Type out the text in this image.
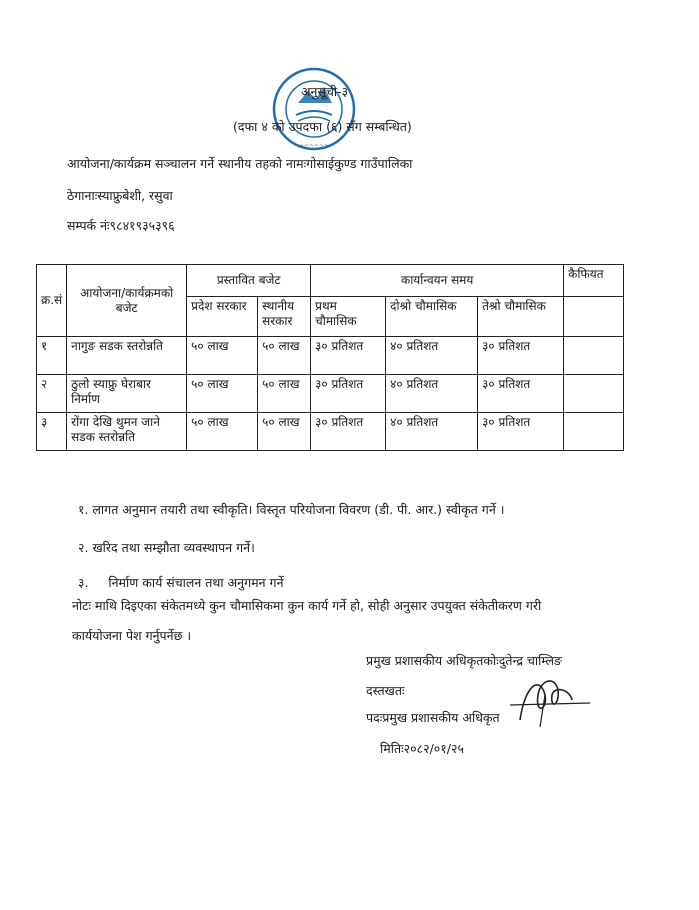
~~~~~~~~
अनुसूची-३
(दफा ४ को उपदफा (६) सँग सम्बन्धित)
आयोजना/कार्यक्रम सञ्चालन गर्ने स्थानीय तहको नामःगोसाईकुण्ड गाउँपालिका
ठेगानाःस्याफ्रुबेशी, रसुवा
सम्पर्क नंः९८४१९३५३९६
क्र.सं	आयोजना/कार्यक्रमको बजेट	प्रस्तावित बजेट		कार्यान्वयन समय			कैफियत
		प्रदेश सरकार	स्थानीय सरकार	प्रथम चौमासिक	दोश्रो चौमासिक	तेश्रो चौमासिक	
१	नागुङ सडक स्तरोन्नति	५० लाख	५० लाख	३० प्रतिशत	४० प्रतिशत	३० प्रतिशत	
२	ठुलो स्याफ्रु घेराबार निर्माण	५० लाख	५० लाख	३० प्रतिशत	४० प्रतिशत	३० प्रतिशत	
३	रोंगा देखि थुमन जाने सडक स्तरोन्नति	५० लाख	५० लाख	३० प्रतिशत	४० प्रतिशत	३० प्रतिशत	
१. लागत अनुमान तयारी तथा स्वीकृति। विस्तृत परियोजना विवरण (डी. पी. आर.) स्वीकृत गर्ने ।
२. खरिद तथा सम्झौता व्यवस्थापन गर्ने।
३.     निर्माण कार्य संचालन तथा अनुगमन गर्ने
नोटः माथि दिइएका संकेतमध्ये कुन चौमासिकमा कुन कार्य गर्ने हो, सोही अनुसार उपयुक्त संकेतीकरण गरी
कार्ययोजना पेश गर्नुपर्नेछ ।
प्रमुख प्रशासकीय अधिकृतकोःदुतेन्द्र चाम्लिङ
दस्तखतः
पदःप्रमुख प्रशासकीय अधिकृत
मितिः२०८२/०१/२५
